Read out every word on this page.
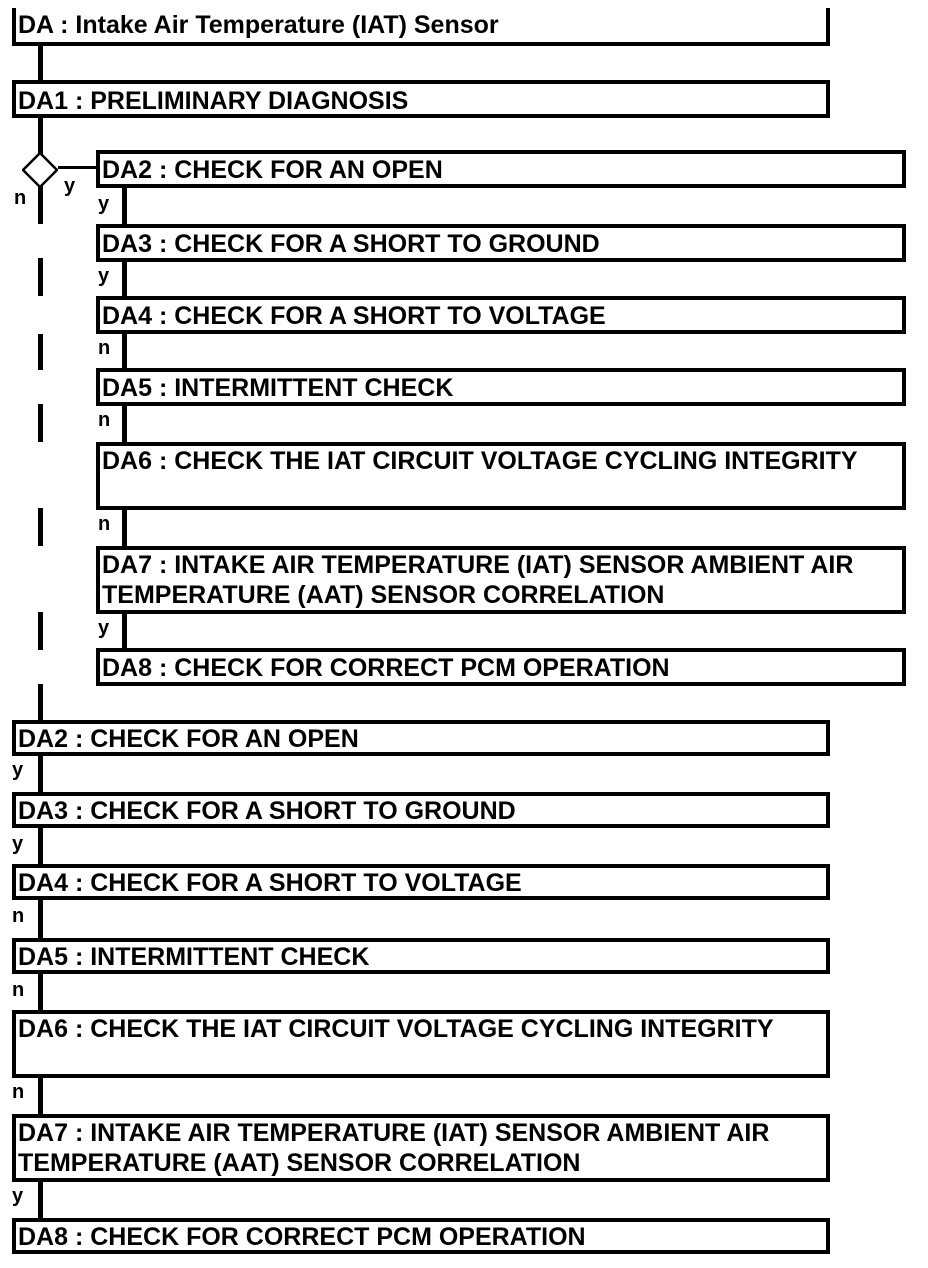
DA : Intake Air Temperature (IAT) Sensor
DA1 : PRELIMINARY DIAGNOSIS
n
y
DA2 : CHECK FOR AN OPEN
y
DA3 : CHECK FOR A SHORT TO GROUND
y
DA4 : CHECK FOR A SHORT TO VOLTAGE
n
DA5 : INTERMITTENT CHECK
n
DA6 : CHECK THE IAT CIRCUIT VOLTAGE CYCLING INTEGRITY
n
DA7 : INTAKE AIR TEMPERATURE (IAT) SENSOR AMBIENT AIR TEMPERATURE (AAT) SENSOR CORRELATION
y
DA8 : CHECK FOR CORRECT PCM OPERATION
DA2 : CHECK FOR AN OPEN
y
DA3 : CHECK FOR A SHORT TO GROUND
y
DA4 : CHECK FOR A SHORT TO VOLTAGE
n
DA5 : INTERMITTENT CHECK
n
DA6 : CHECK THE IAT CIRCUIT VOLTAGE CYCLING INTEGRITY
n
DA7 : INTAKE AIR TEMPERATURE (IAT) SENSOR AMBIENT AIR TEMPERATURE (AAT) SENSOR CORRELATION
y
DA8 : CHECK FOR CORRECT PCM OPERATION
